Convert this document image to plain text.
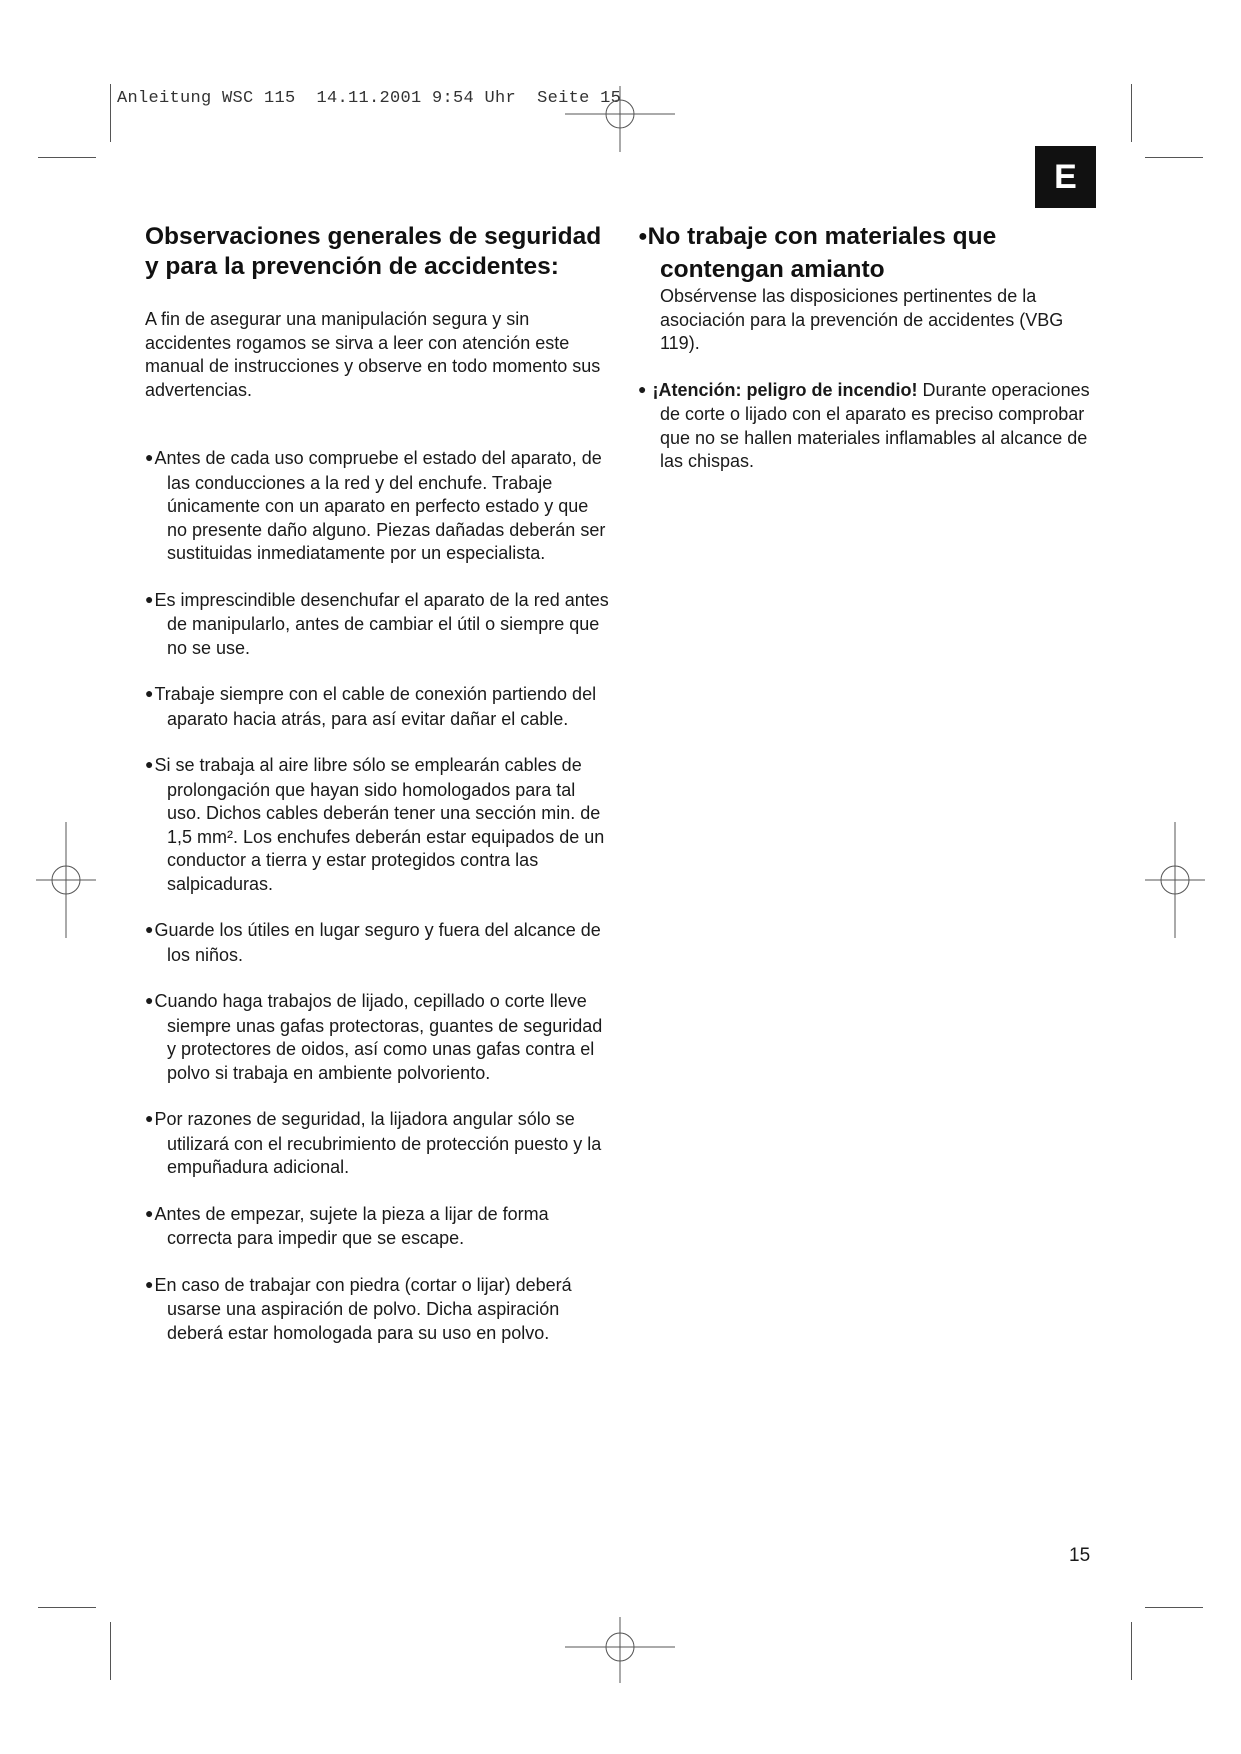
Anleitung WSC 115  14.11.2001 9:54 Uhr  Seite 15
E
Observaciones generales de seguridad y para la prevención de accidentes:

A fin de asegurar una manipulación segura y sin accidentes rogamos se sirva a leer con atención este manual de instrucciones y observe en todo momento sus advertencias.

●Antes de cada uso compruebe el estado del aparato, de las conducciones a la red y del enchufe. Trabaje únicamente con un aparato en perfecto estado y que no presente daño alguno. Piezas dañadas deberán ser sustituidas inmediatamente por un especialista.
●Es imprescindible desenchufar el aparato de la red antes de manipularlo, antes de cambiar el útil o siempre que no se use.
●Trabaje siempre con el cable de conexión partiendo del aparato hacia atrás, para así evitar dañar el cable.
●Si se trabaja al aire libre sólo se emplearán cables de prolongación que hayan sido homologados para tal uso. Dichos cables deberán tener una sección min. de 1,5 mm². Los enchufes deberán estar equipados de un conductor a tierra y estar protegidos contra las salpicaduras.
●Guarde los útiles en lugar seguro y fuera del alcance de los niños.
●Cuando haga trabajos de lijado, cepillado o corte lleve siempre unas gafas protectoras, guantes de seguridad y protectores de oidos, así como unas gafas contra el polvo si trabaja en ambiente polvoriento.
●Por razones de seguridad, la lijadora angular sólo se utilizará con el recubrimiento de protección puesto y la empuñadura adicional.
●Antes de empezar, sujete la pieza a lijar de forma correcta para impedir que se escape.
●En caso de trabajar con piedra (cortar o lijar) deberá usarse una aspiración de polvo. Dicha aspiración deberá estar homologada para su uso en polvo.
●No trabaje con materiales que contengan amianto

Obsérvense las disposiciones pertinentes de la asociación para la prevención de accidentes (VBG 119).

● ¡Atención: peligro de incendio! Durante operaciones de corte o lijado con el aparato es preciso comprobar que no se hallen materiales inflamables al alcance de las chispas.
15
